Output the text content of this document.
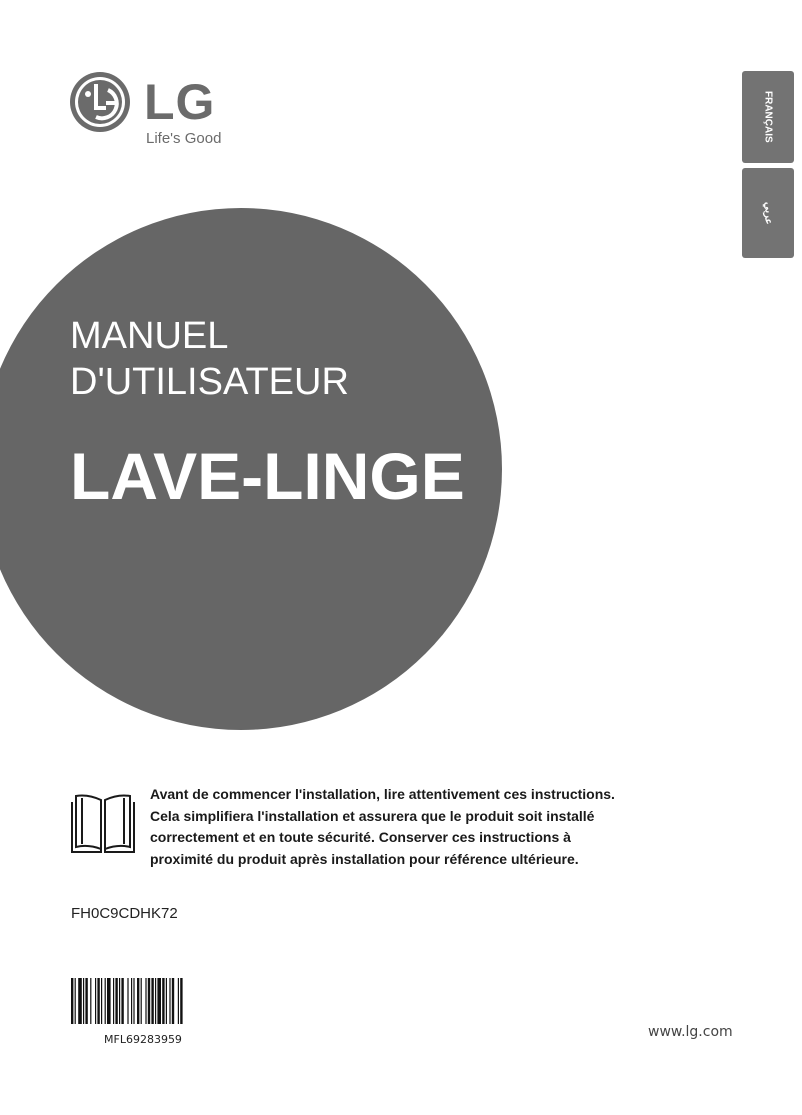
LG
Life's Good	FRANÇAIS
عربي
MANUEL
D'UTILISATEUR
LAVE-LINGE
Avant de commencer l'installation, lire attentivement ces instructions.
Cela simplifiera l'installation et assurera que le produit soit installé
correctement et en toute sécurité. Conserver ces instructions à
proximité du produit après installation pour référence ultérieure.
FH0C9CDHK72
MFL69283959	www.lg.com
